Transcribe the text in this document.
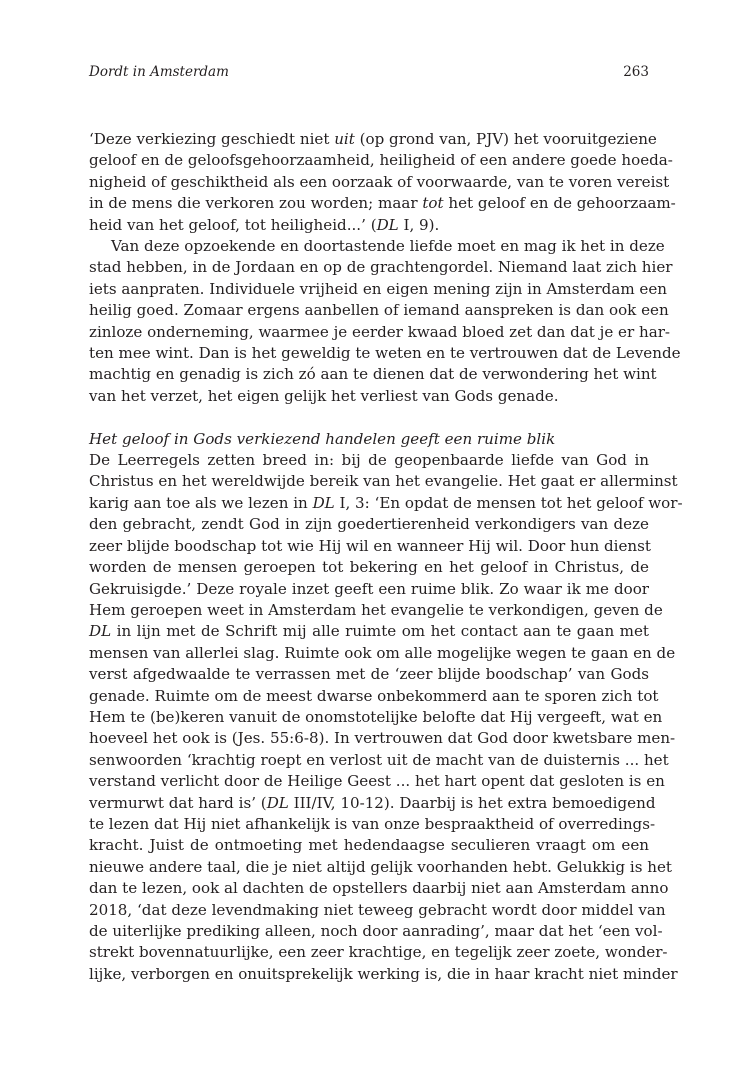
Dordt in Amsterdam	263
‘Deze verkiezing geschiedt niet uit (op grond van, PJV) het vooruitgeziene
geloof en de geloofsgehoorzaamheid, heiligheid of een andere goede hoeda-
nigheid of geschiktheid als een oorzaak of voorwaarde, van te voren vereist
in de mens die verkoren zou worden; maar tot het geloof en de gehoorzaam-
heid van het geloof, tot heiligheid...’ (DL I, 9).
Van deze opzoekende en doortastende liefde moet en mag ik het in deze
stad hebben, in de Jordaan en op de grachtengordel. Niemand laat zich hier
iets aanpraten. Individuele vrijheid en eigen mening zijn in Amsterdam een
heilig goed. Zomaar ergens aanbellen of iemand aanspreken is dan ook een
zinloze onderneming, waarmee je eerder kwaad bloed zet dan dat je er har-
ten mee wint. Dan is het geweldig te weten en te vertrouwen dat de Levende
machtig en genadig is zich zó aan te dienen dat de verwondering het wint
van het verzet, het eigen gelijk het verliest van Gods genade.
Het geloof in Gods verkiezend handelen geeft een ruime blik
De Leerregels zetten breed in: bij de geopenbaarde liefde van God in
Christus en het wereldwijde bereik van het evangelie. Het gaat er allerminst
karig aan toe als we lezen in DL I, 3: ‘En opdat de mensen tot het geloof wor-
den gebracht, zendt God in zijn goedertierenheid verkondigers van deze
zeer blijde boodschap tot wie Hij wil en wanneer Hij wil. Door hun dienst
worden de mensen geroepen tot bekering en het geloof in Christus, de
Gekruisigde.’ Deze royale inzet geeft een ruime blik. Zo waar ik me door
Hem geroepen weet in Amsterdam het evangelie te verkondigen, geven de
DL in lijn met de Schrift mij alle ruimte om het contact aan te gaan met
mensen van allerlei slag. Ruimte ook om alle mogelijke wegen te gaan en de
verst afgedwaalde te verrassen met de ‘zeer blijde boodschap’ van Gods
genade. Ruimte om de meest dwarse onbekommerd aan te sporen zich tot
Hem te (be)keren vanuit de onomstotelijke belofte dat Hij vergeeft, wat en
hoeveel het ook is (Jes. 55:6-8). In vertrouwen dat God door kwetsbare men-
senwoorden ‘krachtig roept en verlost uit de macht van de duisternis ... het
verstand verlicht door de Heilige Geest ... het hart opent dat gesloten is en
vermurwt dat hard is’ (DL III/IV, 10-12). Daarbij is het extra bemoedigend
te lezen dat Hij niet afhankelijk is van onze bespraaktheid of overredings-
kracht. Juist de ontmoeting met hedendaagse seculieren vraagt om een
nieuwe andere taal, die je niet altijd gelijk voorhanden hebt. Gelukkig is het
dan te lezen, ook al dachten de opstellers daarbij niet aan Amsterdam anno
2018, ‘dat deze levendmaking niet teweeg gebracht wordt door middel van
de uiterlijke prediking alleen, noch door aanrading’, maar dat het ‘een vol-
strekt bovennatuurlijke, een zeer krachtige, en tegelijk zeer zoete, wonder-
lijke, verborgen en onuitsprekelijk werking is, die in haar kracht niet minder
